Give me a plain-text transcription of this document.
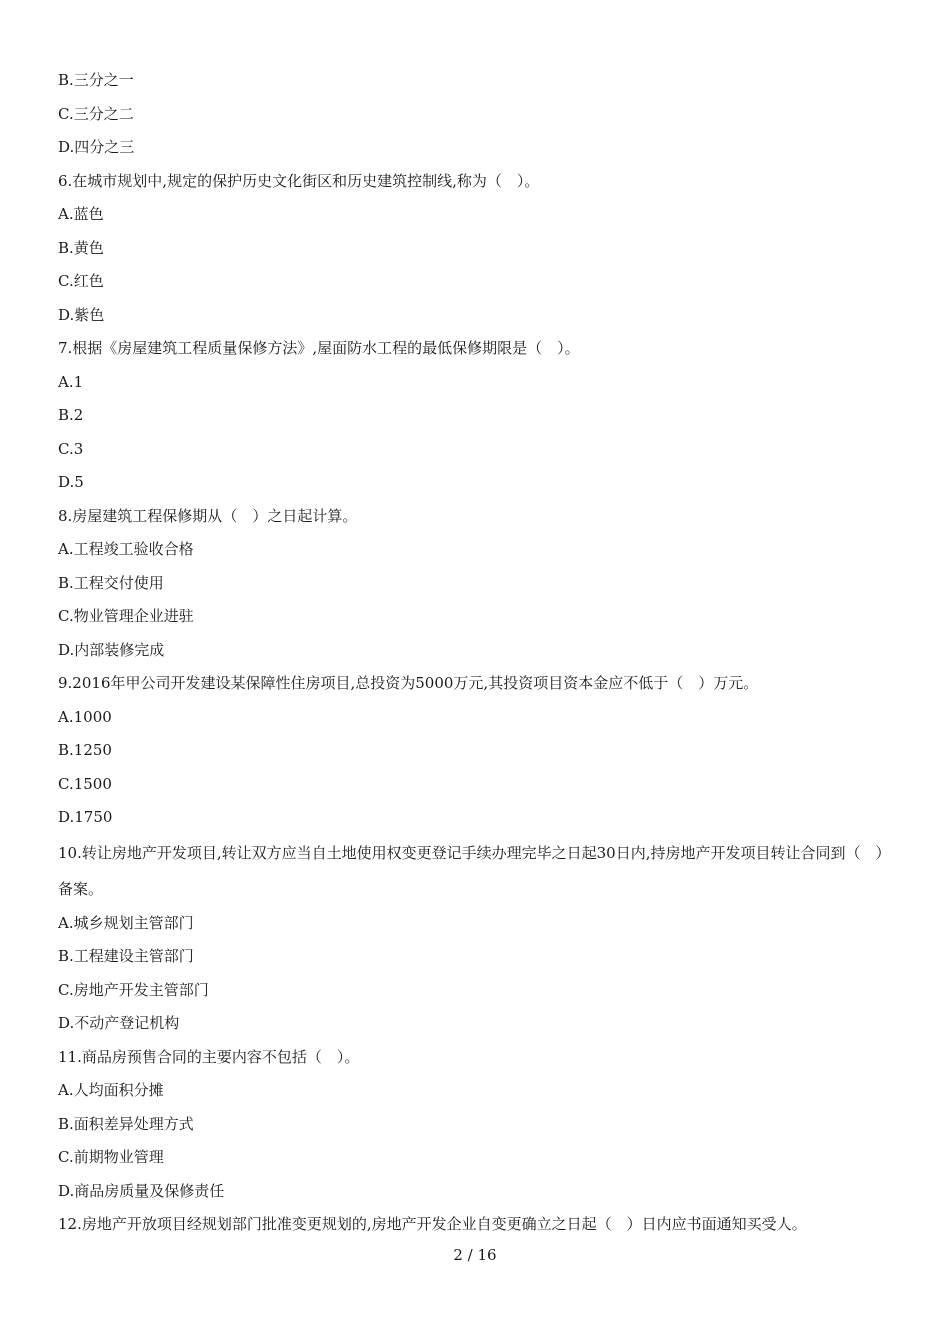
B.三分之一
C.三分之二
D.四分之三
6.在城市规划中,规定的保护历史文化街区和历史建筑控制线,称为（　）。
A.蓝色
B.黄色
C.红色
D.紫色
7.根据《房屋建筑工程质量保修方法》,屋面防水工程的最低保修期限是（　）。
A.1
B.2
C.3
D.5
8.房屋建筑工程保修期从（　）之日起计算。
A.工程竣工验收合格
B.工程交付使用
C.物业管理企业进驻
D.内部装修完成
9.2016年甲公司开发建设某保障性住房项目,总投资为5000万元,其投资项目资本金应不低于（　）万元。
A.1000
B.1250
C.1500
D.1750
10.转让房地产开发项目,转让双方应当自土地使用权变更登记手续办理完毕之日起30日内,持房地产开发项目转让合同到（　）备案。
A.城乡规划主管部门
B.工程建设主管部门
C.房地产开发主管部门
D.不动产登记机构
11.商品房预售合同的主要内容不包括（　）。
A.人均面积分摊
B.面积差异处理方式
C.前期物业管理
D.商品房质量及保修责任
12.房地产开放项目经规划部门批准变更规划的,房地产开发企业自变更确立之日起（　）日内应书面通知买受人。
2 / 16
